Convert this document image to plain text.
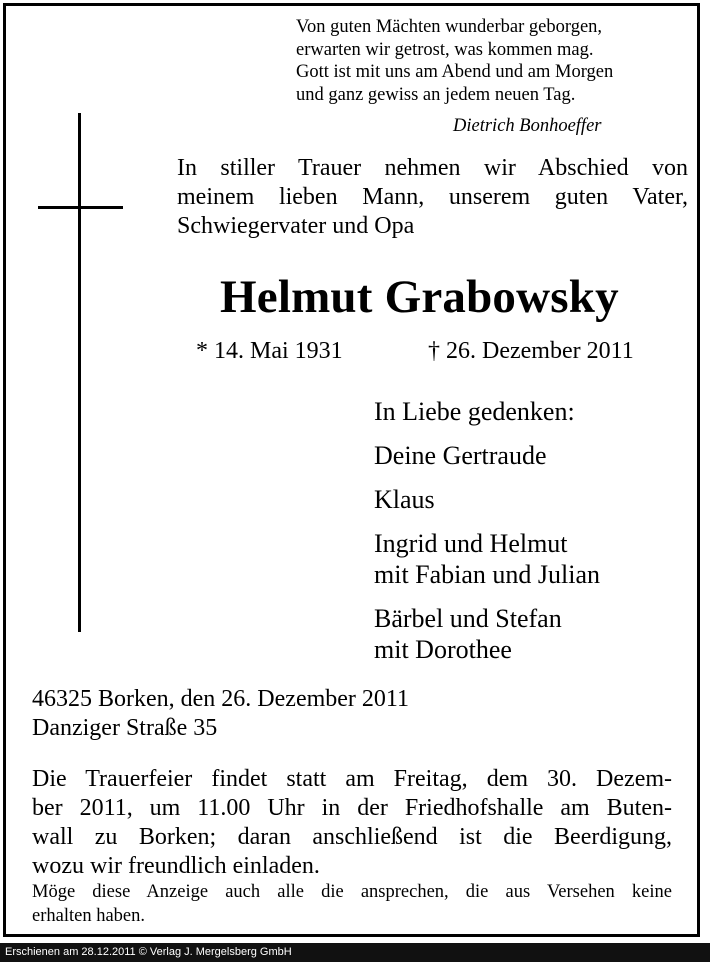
Von guten Mächten wunderbar geborgen,
erwarten wir getrost, was kommen mag.
Gott ist mit uns am Abend und am Morgen
und ganz gewiss an jedem neuen Tag.
Dietrich Bonhoeffer
In stiller Trauer nehmen wir Abschied von
meinem lieben Mann, unserem guten Vater,
Schwiegervater und Opa
Helmut Grabowsky
* 14. Mai 1931	† 26. Dezember 2011
In Liebe gedenken:
Deine Gertraude
Klaus
Ingrid und Helmut
mit Fabian und Julian
Bärbel und Stefan
mit Dorothee
46325 Borken, den 26. Dezember 2011
Danziger Straße 35
Die Trauerfeier findet statt am Freitag, dem 30. Dezem-
ber 2011, um 11.00 Uhr in der Friedhofshalle am Buten-
wall zu Borken; daran anschließend ist die Beerdigung,
wozu wir freundlich einladen.
Möge diese Anzeige auch alle die ansprechen, die aus Versehen keine
erhalten haben.
Erschienen am 28.12.2011 © Verlag J. Mergelsberg GmbH
